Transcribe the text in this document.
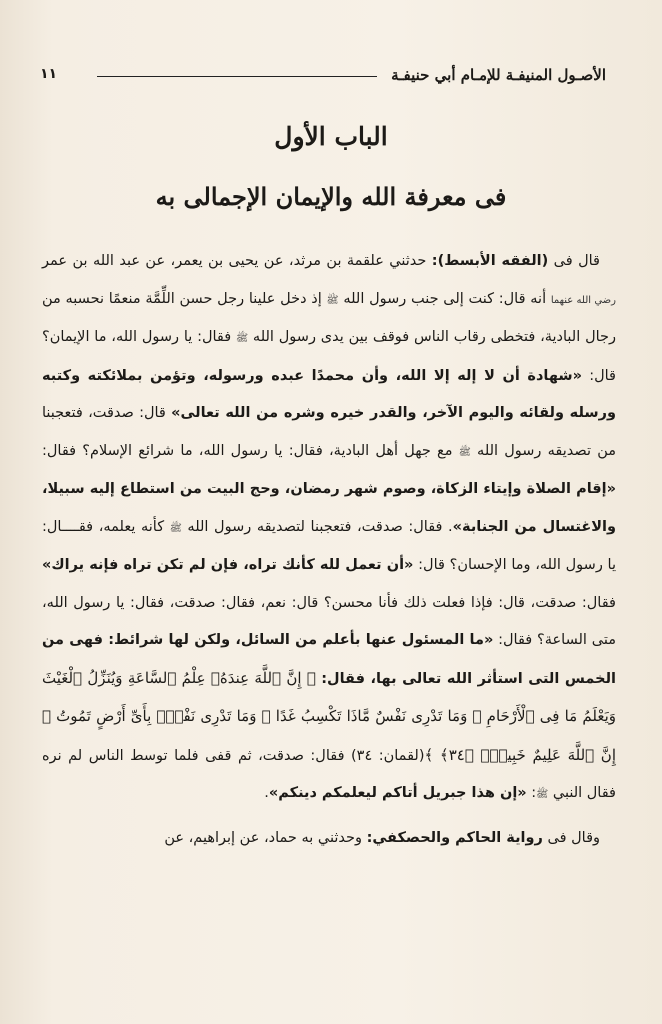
الأصـول المنيفـة للإمـام أبي حنيفـة
١١
الباب الأول
فى معرفة الله والإيمان الإجمالى به

قال فى (الفقه الأبسط): حدثني علقمة بن مرثد، عن يحيى بن يعمر، عن عبد الله بن عمر رضي الله عنهما أنه قال: كنت إلى جنب رسول الله ﷺ إذ دخل علينا رجل حسن اللِّمَّة منعمًا نحسبه من رجال البادية، فتخطى رقاب الناس فوقف بين يدى رسول الله ﷺ فقال: يا رسول الله، ما الإيمان؟ قال: «شهادة أن لا إله إلا الله، وأن محمدًا عبده ورسوله، وتؤمن بملائكته وكتبه ورسله ولقائه واليوم الآخر، والقدر خيره وشره من الله تعالى» قال: صدقت، فتعجبنا من تصديقه رسول الله ﷺ مع جهل أهل البادية، فقال: يا رسول الله، ما شرائع الإسلام؟ فقال: «إقام الصلاة وإيتاء الزكاة، وصوم شهر رمضان، وحج البيت من استطاع إليه سبيلا، والاغتسال من الجنابة». فقال: صدقت، فتعجبنا لتصديقه رسول الله ﷺ كأنه يعلمه، فقــــال: يا رسول الله، وما الإحسان؟ قال: «أن تعمل لله كأنك تراه، فإن لم تكن تراه فإنه يراك» فقال: صدقت، قال: فإذا فعلت ذلك فأنا محسن؟ قال: نعم، فقال: صدقت، فقال: يا رسول الله، متى الساعة؟ فقال: «ما المسئول عنها بأعلم من السائل، ولكن لها شرائط: فهى من الخمس التى استأثر الله تعالى بها، فقال: ﴿ إِنَّ ٱللَّهَ عِندَهُۥ عِلْمُ ٱلسَّاعَةِ وَيُنَزِّلُ ٱلْغَيْثَ وَيَعْلَمُ مَا فِى ٱلْأَرْحَامِ ۖ وَمَا تَدْرِى نَفْسٌ مَّاذَا تَكْسِبُ غَدًا ۖ وَمَا تَدْرِى نَفْسٌۢ بِأَىِّ أَرْضٍ تَمُوتُ ۚ إِنَّ ٱللَّهَ عَلِيمٌ خَبِيرٌۢ ﴿٣٤﴾ ﴾(لقمان: ٣٤) فقال: صدقت، ثم قفى فلما توسط الناس لم نره فقال النبي ﷺ: «إن هذا جبريل أتاكم ليعلمكم دينكم».

وقال فى رواية الحاكم والحصكفي: وحدثني به حماد، عن إبراهيم، عن
